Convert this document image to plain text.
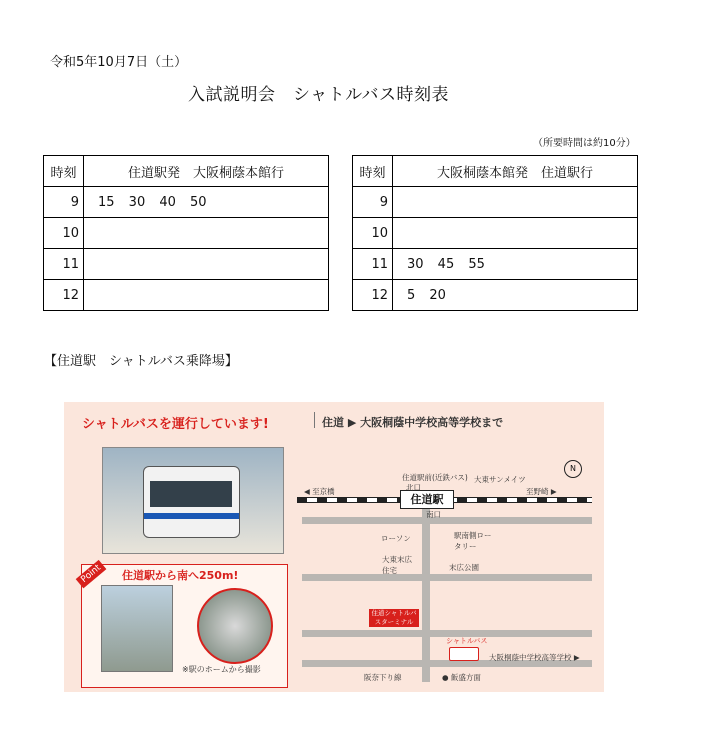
令和5年10月7日（土）
入試説明会　シャトルバス時刻表
（所要時間は約10分）
時刻	住道駅発　大阪桐蔭本館行
9	15 30 40 50
10	
11	
12	
時刻	大阪桐蔭本館発　住道駅行
9	
10	
11	30 45 55
12	5 20
【住道駅　シャトルバス乗降場】
シャトルバスを運行しています!	住道 ▶ 大阪桐蔭中学校高等学校まで
Point	住道駅から南へ250m!
※駅のホームから撮影
住道駅
N
◀ 至京橋	至野崎 ▶
住道駅前(近鉄バス)
北口
大東サンメイツ
南口
ローソン	駅南側ロータリー
大東末広住宅	末広公園
住道シャトルバスターミナル
シャトルバス
大阪桐蔭中学校高等学校 ▶
阪奈下り線	● 飯盛方面
